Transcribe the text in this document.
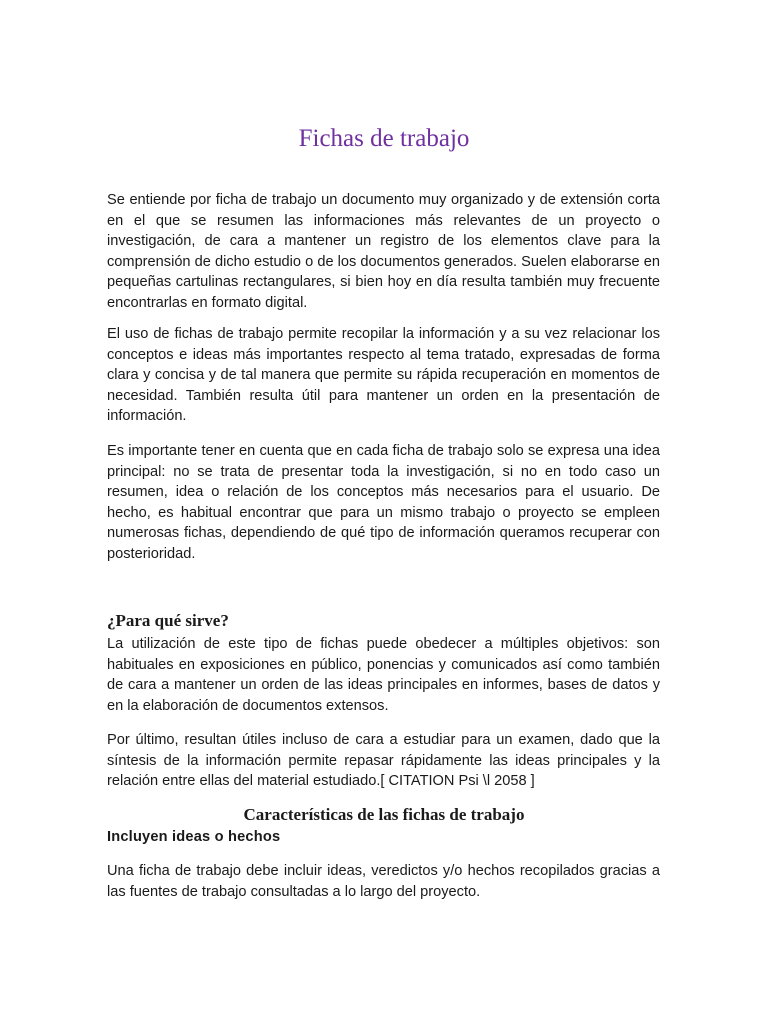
Fichas de trabajo

Se entiende por ficha de trabajo un documento muy organizado y de extensión corta en el que se resumen las informaciones más relevantes de un proyecto o investigación, de cara a mantener un registro de los elementos clave para la comprensión de dicho estudio o de los documentos generados. Suelen elaborarse en pequeñas cartulinas rectangulares, si bien hoy en día resulta también muy frecuente encontrarlas en formato digital.

El uso de fichas de trabajo permite recopilar la información y a su vez relacionar los conceptos e ideas más importantes respecto al tema tratado, expresadas de forma clara y concisa y de tal manera que permite su rápida recuperación en momentos de necesidad. También resulta útil para mantener un orden en la presentación de información.

Es importante tener en cuenta que en cada ficha de trabajo solo se expresa una idea principal: no se trata de presentar toda la investigación, si no en todo caso un resumen, idea o relación de los conceptos más necesarios para el usuario. De hecho, es habitual encontrar que para un mismo trabajo o proyecto se empleen numerosas fichas, dependiendo de qué tipo de información queramos recuperar con posterioridad.

¿Para qué sirve?

La utilización de este tipo de fichas puede obedecer a múltiples objetivos: son habituales en exposiciones en público, ponencias y comunicados así como también de cara a mantener un orden de las ideas principales en informes, bases de datos y en la elaboración de documentos extensos.

Por último, resultan útiles incluso de cara a estudiar para un examen, dado que la síntesis de la información permite repasar rápidamente las ideas principales y la relación entre ellas del material estudiado.[ CITATION Psi \l 2058 ]

Características de las fichas de trabajo
Incluyen ideas o hechos

Una ficha de trabajo debe incluir ideas, veredictos y/o hechos recopilados gracias a las fuentes de trabajo consultadas a lo largo del proyecto.
